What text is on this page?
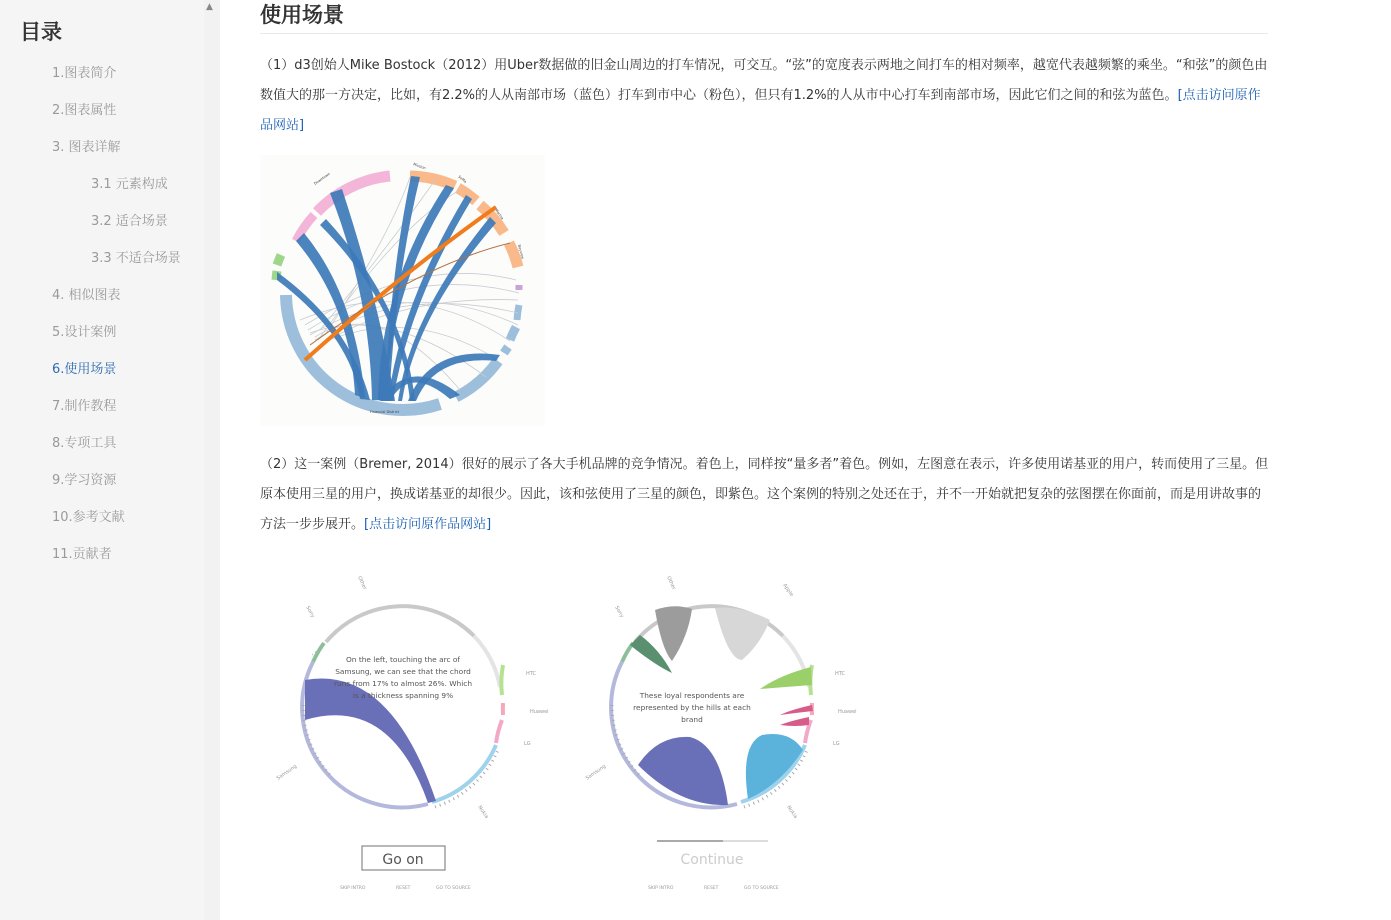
目录
1.图表简介
2.图表属性
3. 图表详解
3.1 元素构成
3.2 适合场景
3.3 不适合场景
4. 相似图表
5.设计案例
6.使用场景
7.制作教程
8.专项工具
9.学习资源
10.参考文献
11.贡献者
▲ 使用场景
（1）d3创始人Mike Bostock（2012）用Uber数据做的旧金山周边的打车情况，可交互。“弦”的宽度表示两地之间打车的相对频率，越宽代表越频繁的乘坐。“和弦”的颜色由数值大的那一方决定，比如，有2.2%的人从南部市场（蓝色）打车到市中心（粉色），但只有1.2%的人从市中心打车到南部市场，因此它们之间的和弦为蓝色。[点击访问原作品网站]
Mission
SoMa
Marina
Bayview
Financial District
Downtown
（2）这一案例（Bremer, 2014）很好的展示了各大手机品牌的竞争情况。着色上，同样按“量多者”着色。例如，左图意在表示，许多使用诺基亚的用户，转而使用了三星。但原本使用三星的用户，换成诺基亚的却很少。因此，该和弦使用了三星的颜色，即紫色。这个案例的特别之处还在于，并不一开始就把复杂的弦图摆在你面前，而是用讲故事的方法一步步展开。[点击访问原作品网站]
On the left, touching the arc of
Samsung, we can see that the chord
runs from 17% to almost 26%. Which
is a thickness spanning 9%
Other
Sony
HTC
Huawei
LG
Nokia
Samsung
Go on
SKIP INTRO	RESET	GO TO SOURCE
These loyal respondents are
represented by the hills at each
brand
Other	Apple
Sony
HTC
Huawei
LG
Nokia
Samsung
Continue
SKIP INTRO	RESET	GO TO SOURCE
